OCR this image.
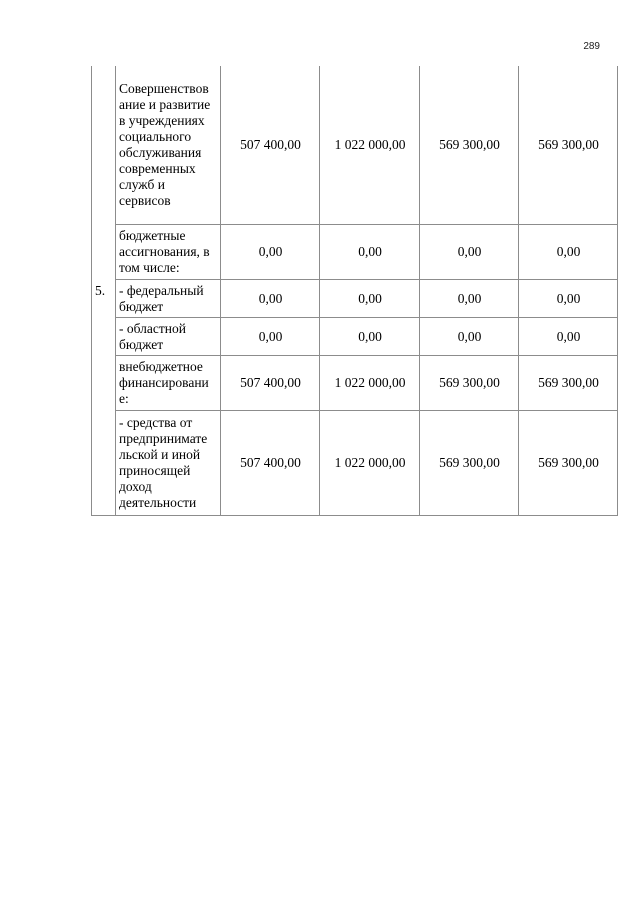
289
5.	Совершенствов ание и развитие в учреждениях социального обслуживания современных служб и сервисов	507 400,00	1 022 000,00	569 300,00	569 300,00
	бюджетные ассигнования, в том числе:	0,00	0,00	0,00	0,00
	- федеральный бюджет	0,00	0,00	0,00	0,00
	- областной бюджет	0,00	0,00	0,00	0,00
	внебюджетное финансировани е:	507 400,00	1 022 000,00	569 300,00	569 300,00
	- средства от предпринимате льской и иной приносящей доход деятельности	507 400,00	1 022 000,00	569 300,00	569 300,00
